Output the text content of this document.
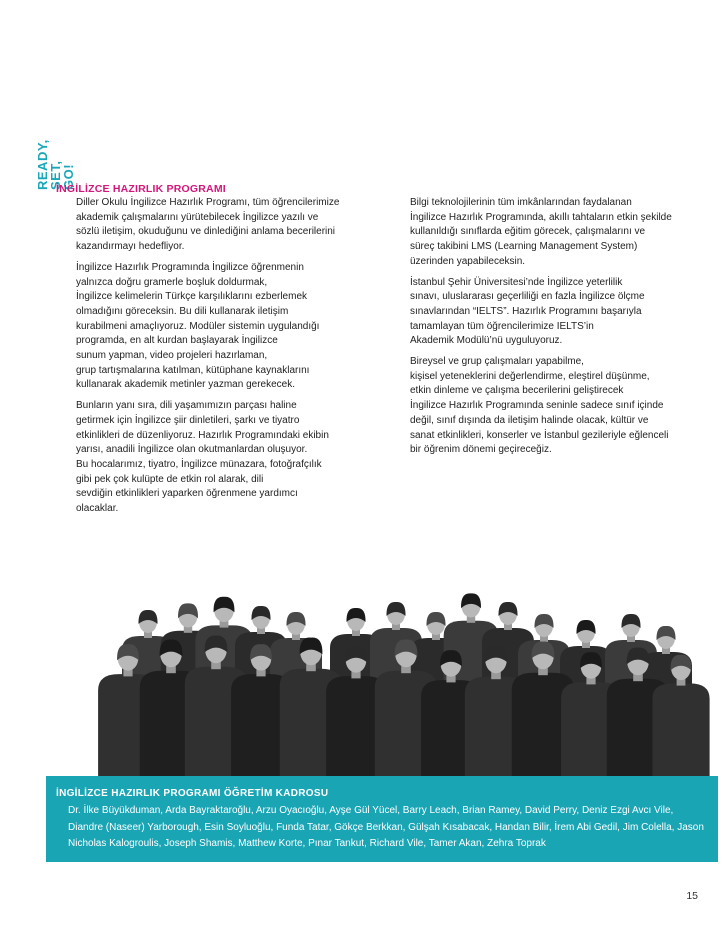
READY,
SET,
GO!
İNGİLİZCE HAZIRLIK PROGRAMI

Diller Okulu İngilizce Hazırlık Programı, tüm öğrencilerimize
akademik çalışmalarını yürütebilecek İngilizce yazılı ve
sözlü iletişim, okuduğunu ve dinlediğini anlama becerilerini
kazandırmayı hedefliyor.

İngilizce Hazırlık Programında İngilizce öğrenmenin
yalnızca doğru gramerle boşluk doldurmak,
İngilizce kelimelerin Türkçe karşılıklarını ezberlemek
olmadığını göreceksin. Bu dili kullanarak iletişim
kurabilmeni amaçlıyoruz. Modüler sistemin uygulandığı
programda, en alt kurdan başlayarak İngilizce
sunum yapman, video projeleri hazırlaman,
grup tartışmalarına katılman, kütüphane kaynaklarını
kullanarak akademik metinler yazman gerekecek.

Bunların yanı sıra, dili yaşamımızın parçası haline
getirmek için İngilizce şiir dinletileri, şarkı ve tiyatro
etkinlikleri de düzenliyoruz. Hazırlık Programındaki ekibin
yarısı, anadili İngilizce olan okutmanlardan oluşuyor.
Bu hocalarımız, tiyatro, İngilizce münazara, fotoğrafçılık
gibi pek çok kulüpte de etkin rol alarak, dili
sevdiğin etkinlikleri yaparken öğrenmene yardımcı
olacaklar.

Bilgi teknolojilerinin tüm imkânlarından faydalanan
İngilizce Hazırlık Programında, akıllı tahtaların etkin şekilde
kullanıldığı sınıflarda eğitim görecek, çalışmalarını ve
süreç takibini LMS (Learning Management System)
üzerinden yapabileceksin.

İstanbul Şehir Üniversitesi’nde İngilizce yeterlilik
sınavı, uluslararası geçerliliği en fazla İngilizce ölçme
sınavlarından “IELTS”. Hazırlık Programını başarıyla
tamamlayan tüm öğrencilerimize IELTS’in
Akademik Modülü’nü uyguluyoruz.

Bireysel ve grup çalışmaları yapabilme,
kişisel yeteneklerini değerlendirme, eleştirel düşünme,
etkin dinleme ve çalışma becerilerini geliştirecek
İngilizce Hazırlık Programında seninle sadece sınıf içinde
değil, sınıf dışında da iletişim halinde olacak, kültür ve
sanat etkinlikleri, konserler ve İstanbul gezileriyle eğlenceli
bir öğrenim dönemi geçireceğiz.

İNGİLİZCE HAZIRLIK PROGRAMI ÖĞRETİM KADROSU
Dr. İlke Büyükduman, Arda Bayraktaroğlu, Arzu Oyacıoğlu, Ayşe Gül Yücel, Barry Leach, Brian Ramey, David Perry, Deniz Ezgi Avcı Vile, Diandre (Naseer) Yarborough, Esin Soyluoğlu, Funda Tatar, Gökçe Berkkan, Gülşah Kısabacak, Handan Bilir, İrem Abi Gedil, Jim Colella, Jason Nicholas Kalogroulis, Joseph Shamis, Matthew Korte, Pınar Tankut, Richard Vile, Tamer Akan, Zehra Toprak
15
